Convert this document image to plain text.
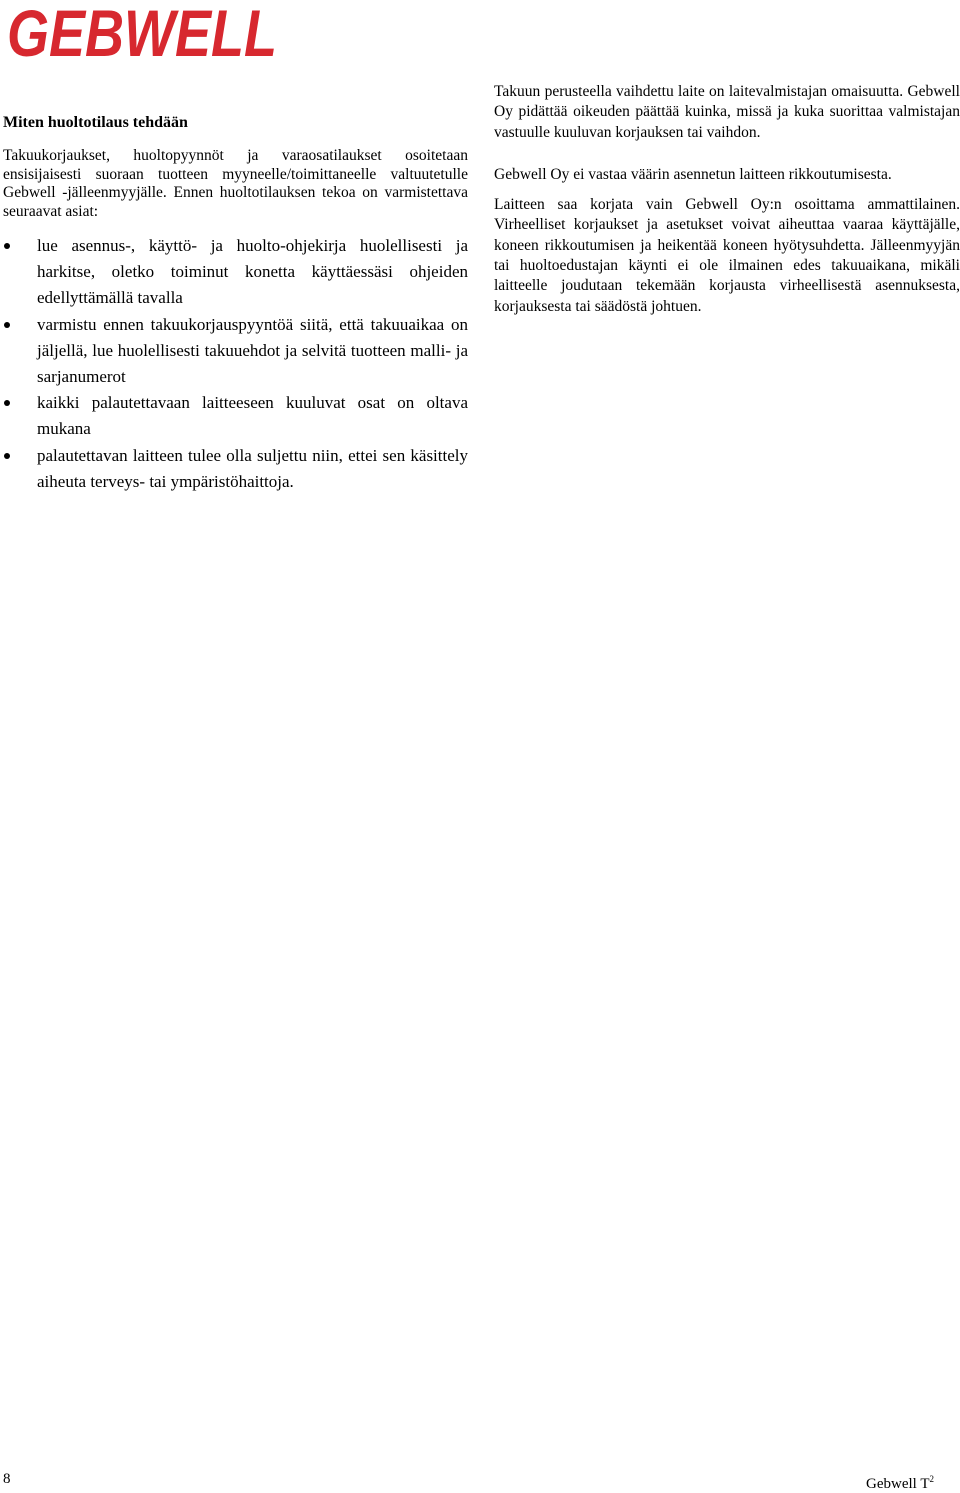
GEBWELL
Miten huoltotilaus tehdään

Takuukorjaukset, huoltopyynnöt ja varaosatilaukset osoitetaan ensisijaisesti suoraan tuotteen myyneelle/toimittaneelle valtuutetulle Gebwell -jälleenmyyjälle. Ennen huoltotilauksen tekoa on varmistettava seuraavat asiat:

lue asennus-, käyttö- ja huolto-ohjekirja huolellisesti ja harkitse, oletko toiminut konetta käyttäessäsi ohjeiden edellyttämällä tavalla
varmistu ennen takuukorjauspyyntöä siitä, että takuuaikaa on jäljellä, lue huolellisesti takuuehdot ja selvitä tuotteen malli- ja sarjanumerot
kaikki palautettavaan laitteeseen kuuluvat osat on oltava mukana
palautettavan laitteen tulee olla suljettu niin, ettei sen käsittely aiheuta terveys- tai ympäristöhaittoja.

Takuun perusteella vaihdettu laite on laitevalmistajan omaisuutta. Gebwell Oy pidättää oikeuden päättää kuinka, missä ja kuka suorittaa valmistajan vastuulle kuuluvan korjauksen tai vaihdon.

Gebwell Oy ei vastaa väärin asennetun laitteen rikkoutumisesta.

Laitteen saa korjata vain Gebwell Oy:n osoittama ammattilainen. Virheelliset korjaukset ja asetukset voivat aiheuttaa vaaraa käyttäjälle, koneen rikkoutumisen ja heikentää koneen hyötysuhdetta. Jälleenmyyjän tai huoltoedustajan käynti ei ole ilmainen edes takuuaikana, mikäli laitteelle joudutaan tekemään korjausta virheellisestä asennuksesta, korjauksesta tai säädöstä johtuen.

8	Gebwell $T^2$
